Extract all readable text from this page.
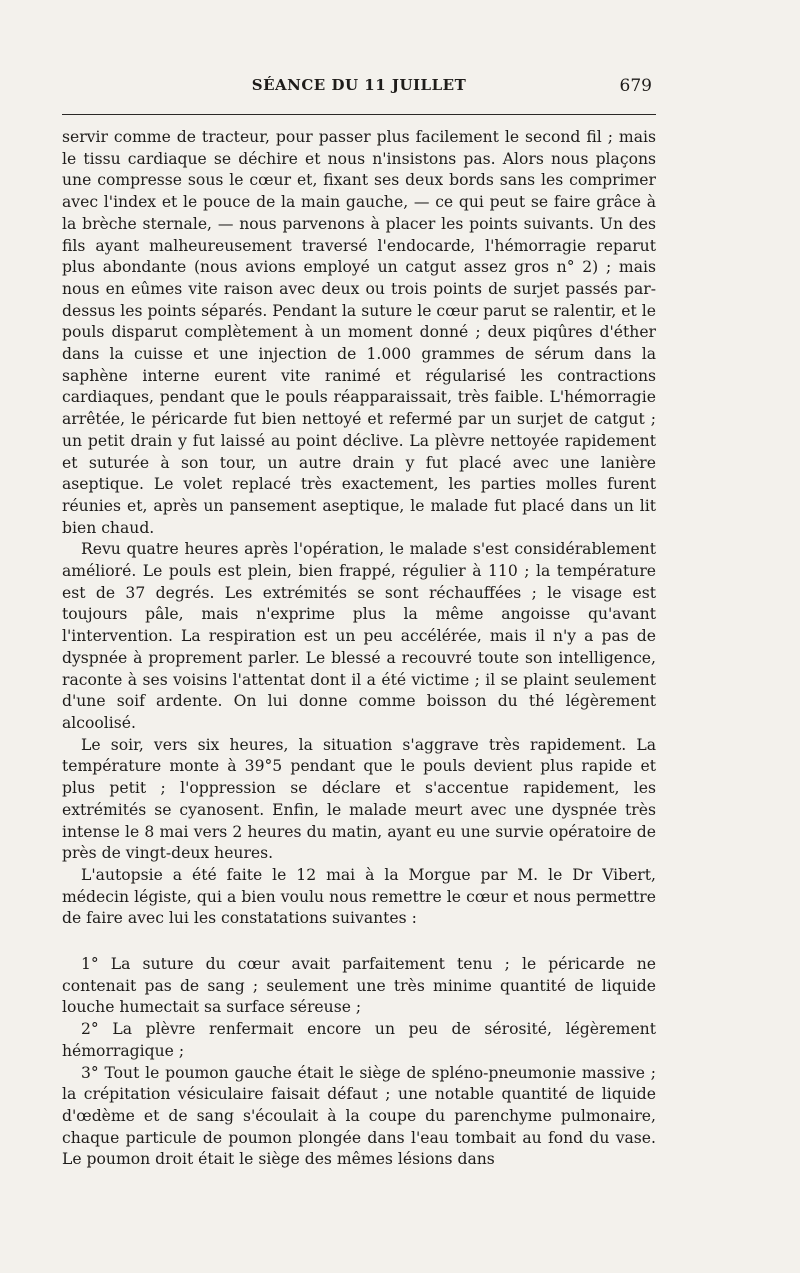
SÉANCE DU 11 JUILLET	679

servir comme de tracteur, pour passer plus facilement le second fil ; mais le tissu cardiaque se déchire et nous n'insistons pas. Alors nous plaçons une compresse sous le cœur et, fixant ses deux bords sans les comprimer avec l'index et le pouce de la main gauche, — ce qui peut se faire grâce à la brèche sternale, — nous parvenons à placer les points suivants. Un des fils ayant malheureusement traversé l'endocarde, l'hémorragie reparut plus abondante (nous avions employé un catgut assez gros n° 2) ; mais nous en eûmes vite raison avec deux ou trois points de surjet passés par-dessus les points séparés. Pendant la suture le cœur parut se ralentir, et le pouls disparut complètement à un moment donné ; deux piqûres d'éther dans la cuisse et une injection de 1.000 grammes de sérum dans la saphène interne eurent vite ranimé et régularisé les contractions cardiaques, pendant que le pouls réapparaissait, très faible. L'hémorragie arrêtée, le péricarde fut bien nettoyé et refermé par un surjet de catgut ; un petit drain y fut laissé au point déclive. La plèvre nettoyée rapidement et suturée à son tour, un autre drain y fut placé avec une lanière aseptique. Le volet replacé très exactement, les parties molles furent réunies et, après un pansement aseptique, le malade fut placé dans un lit bien chaud.

Revu quatre heures après l'opération, le malade s'est considérablement amélioré. Le pouls est plein, bien frappé, régulier à 110 ; la température est de 37 degrés. Les extrémités se sont réchauffées ; le visage est toujours pâle, mais n'exprime plus la même angoisse qu'avant l'intervention. La respiration est un peu accélérée, mais il n'y a pas de dyspnée à proprement parler. Le blessé a recouvré toute son intelligence, raconte à ses voisins l'attentat dont il a été victime ; il se plaint seulement d'une soif ardente. On lui donne comme boisson du thé légèrement alcoolisé.

Le soir, vers six heures, la situation s'aggrave très rapidement. La température monte à 39°5 pendant que le pouls devient plus rapide et plus petit ; l'oppression se déclare et s'accentue rapidement, les extrémités se cyanosent. Enfin, le malade meurt avec une dyspnée très intense le 8 mai vers 2 heures du matin, ayant eu une survie opératoire de près de vingt-deux heures.

L'autopsie a été faite le 12 mai à la Morgue par M. le Dr Vibert, médecin légiste, qui a bien voulu nous remettre le cœur et nous permettre de faire avec lui les constatations suivantes :

1° La suture du cœur avait parfaitement tenu ; le péricarde ne contenait pas de sang ; seulement une très minime quantité de liquide louche humectait sa surface séreuse ;

2° La plèvre renfermait encore un peu de sérosité, légèrement hémorragique ;

3° Tout le poumon gauche était le siège de spléno-pneumonie massive ; la crépitation vésiculaire faisait défaut ; une notable quantité de liquide d'œdème et de sang s'écoulait à la coupe du parenchyme pulmonaire, chaque particule de poumon plongée dans l'eau tombait au fond du vase. Le poumon droit était le siège des mêmes lésions dans
